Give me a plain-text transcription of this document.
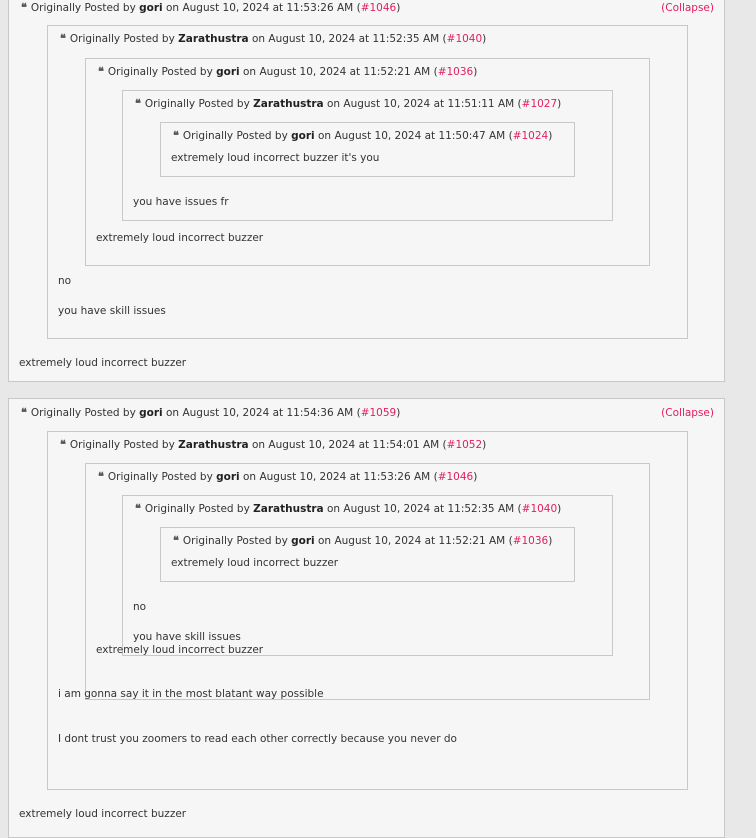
❝ Originally Posted by gori on August 10, 2024 at 11:53:26 AM (#1046)	(Collapse)
❝ Originally Posted by Zarathustra on August 10, 2024 at 11:52:35 AM (#1040)
❝ Originally Posted by gori on August 10, 2024 at 11:52:21 AM (#1036)
❝ Originally Posted by Zarathustra on August 10, 2024 at 11:51:11 AM (#1027)
❝ Originally Posted by gori on August 10, 2024 at 11:50:47 AM (#1024)
extremely loud incorrect buzzer it's you
you have issues fr
extremely loud incorrect buzzer
no
you have skill issues
extremely loud incorrect buzzer
❝ Originally Posted by gori on August 10, 2024 at 11:54:36 AM (#1059)	(Collapse)
❝ Originally Posted by Zarathustra on August 10, 2024 at 11:54:01 AM (#1052)
❝ Originally Posted by gori on August 10, 2024 at 11:53:26 AM (#1046)
❝ Originally Posted by Zarathustra on August 10, 2024 at 11:52:35 AM (#1040)
❝ Originally Posted by gori on August 10, 2024 at 11:52:21 AM (#1036)
extremely loud incorrect buzzer
no
you have skill issues
extremely loud incorrect buzzer
i am gonna say it in the most blatant way possible
I dont trust you zoomers to read each other correctly because you never do
extremely loud incorrect buzzer
